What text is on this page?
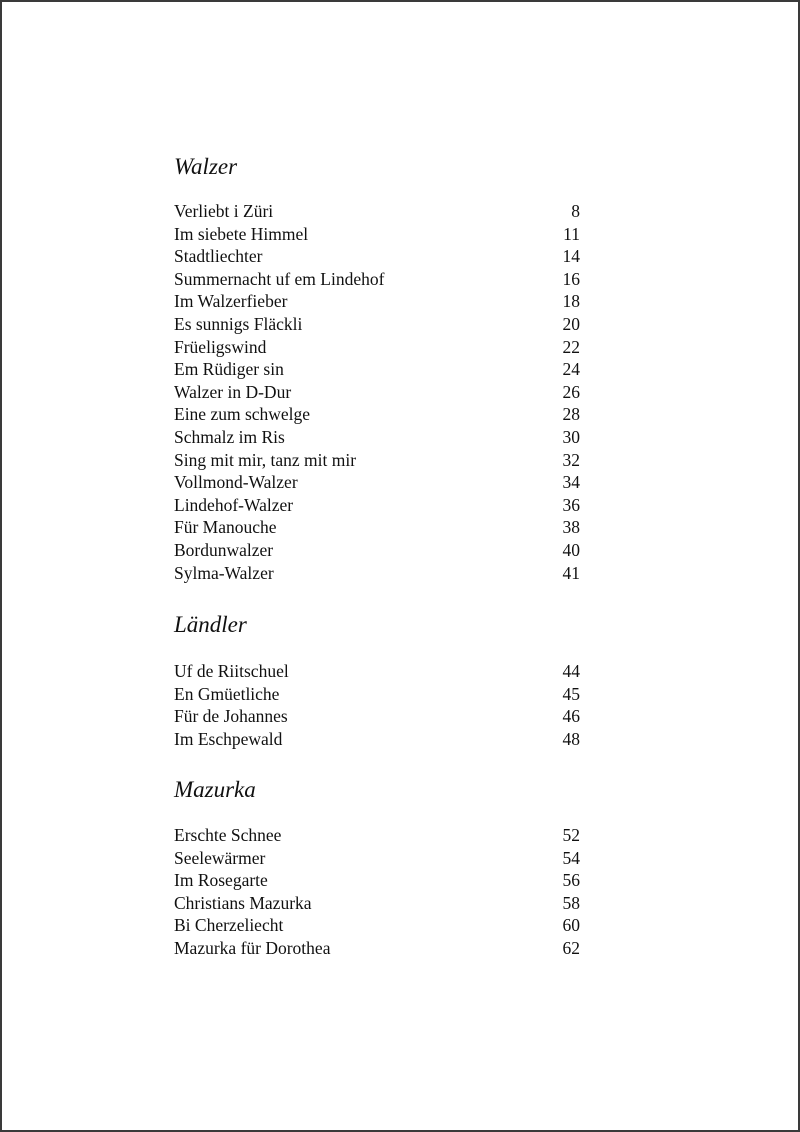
Walzer
Verliebt i Züri	8
Im siebete Himmel	11
Stadtliechter	14
Summernacht uf em Lindehof	16
Im Walzerfieber	18
Es sunnigs Fläckli	20
Früeligswind	22
Em Rüdiger sin	24
Walzer in D-Dur	26
Eine zum schwelge	28
Schmalz im Ris	30
Sing mit mir, tanz mit mir	32
Vollmond-Walzer	34
Lindehof-Walzer	36
Für Manouche	38
Bordunwalzer	40
Sylma-Walzer	41
Ländler
Uf de Riitschuel	44
En Gmüetliche	45
Für de Johannes	46
Im Eschpewald	48
Mazurka
Erschte Schnee	52
Seelewärmer	54
Im Rosegarte	56
Christians Mazurka	58
Bi Cherzeliecht	60
Mazurka für Dorothea	62
